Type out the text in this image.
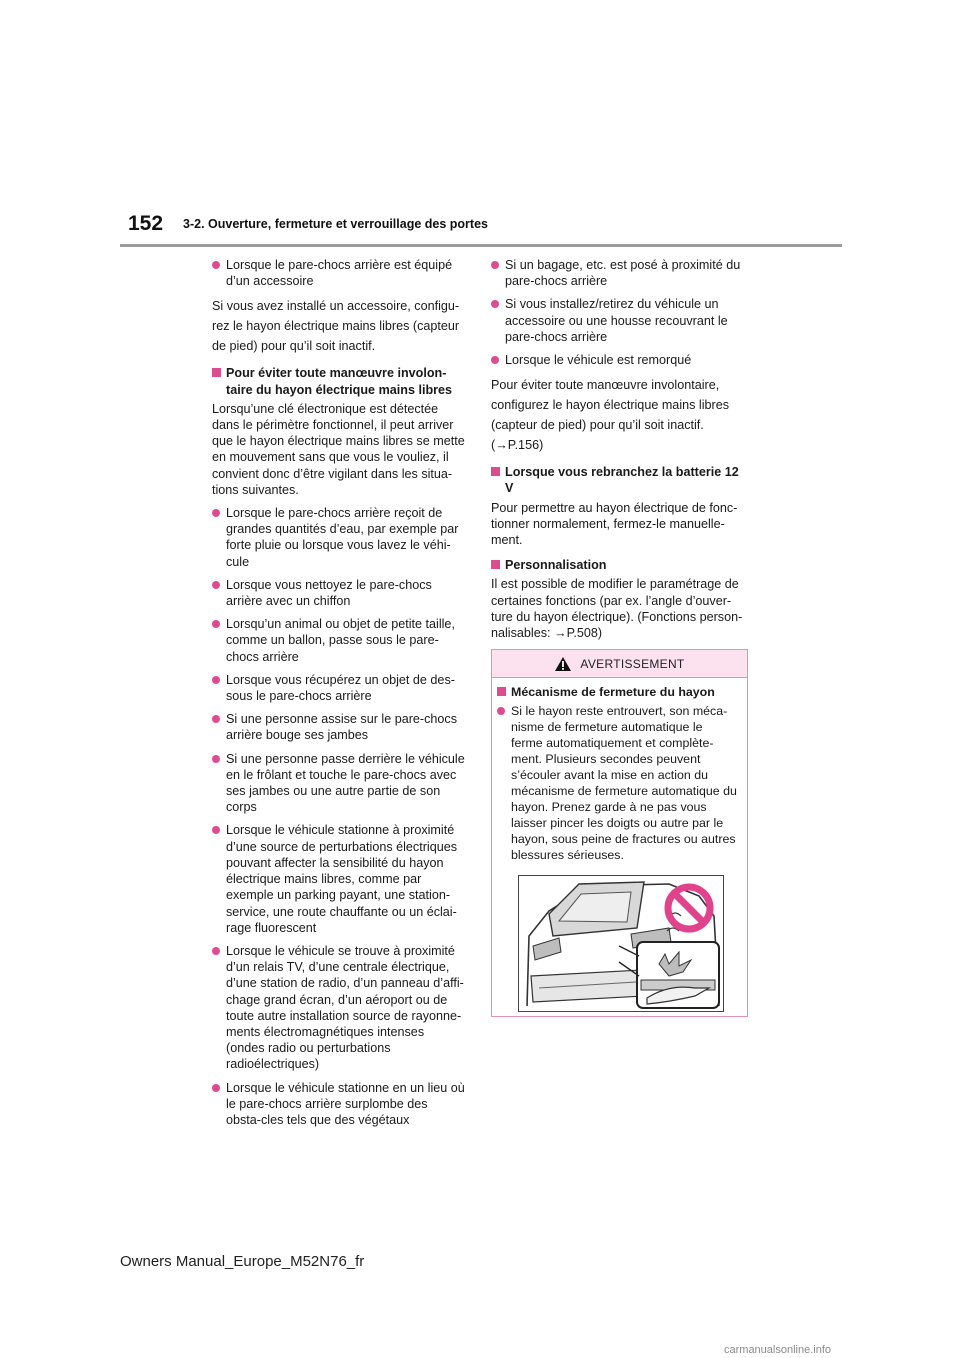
152 3-2. Ouverture, fermeture et verrouillage des portes
Lorsque le pare-chocs arrière est équipé d’un accessoire
Si vous avez installé un accessoire, configu-
rez le hayon électrique mains libres (capteur
de pied) pour qu’il soit inactif.
Pour éviter toute manœuvre involon-taire du hayon électrique mains libres
Lorsqu’une clé électronique est détectée dans le périmètre fonctionnel, il peut arriver que le hayon électrique mains libres se mette en mouvement sans que vous le vouliez, il convient donc d’être vigilant dans les situa-tions suivantes.
Lorsque le pare-chocs arrière reçoit de grandes quantités d’eau, par exemple par forte pluie ou lorsque vous lavez le véhi-cule
Lorsque vous nettoyez le pare-chocs arrière avec un chiffon
Lorsqu’un animal ou objet de petite taille, comme un ballon, passe sous le pare-chocs arrière
Lorsque vous récupérez un objet de des-sous le pare-chocs arrière
Si une personne assise sur le pare-chocs arrière bouge ses jambes
Si une personne passe derrière le véhicule en le frôlant et touche le pare-chocs avec ses jambes ou une autre partie de son corps
Lorsque le véhicule stationne à proximité d’une source de perturbations électriques pouvant affecter la sensibilité du hayon électrique mains libres, comme par exemple un parking payant, une station-service, une route chauffante ou un éclai-rage fluorescent
Lorsque le véhicule se trouve à proximité d’un relais TV, d’une centrale électrique, d’une station de radio, d’un panneau d’affi-chage grand écran, d’un aéroport ou de toute autre installation source de rayonne-ments électromagnétiques intenses (ondes radio ou perturbations radioélectriques)
Lorsque le véhicule stationne en un lieu où le pare-chocs arrière surplombe des obsta-cles tels que des végétaux
Si un bagage, etc. est posé à proximité du pare-chocs arrière
Si vous installez/retirez du véhicule un accessoire ou une housse recouvrant le pare-chocs arrière
Lorsque le véhicule est remorqué
Pour éviter toute manœuvre involontaire,
configurez le hayon électrique mains libres
(capteur de pied) pour qu’il soit inactif.
(→P.156)
Lorsque vous rebranchez la batterie 12 V
Pour permettre au hayon électrique de fonc-tionner normalement, fermez-le manuelle-ment.
Personnalisation
Il est possible de modifier le paramétrage de certaines fonctions (par ex. l’angle d’ouver-ture du hayon électrique). (Fonctions person-nalisables: →P.508)
AVERTISSEMENT
Mécanisme de fermeture du hayon
Si le hayon reste entrouvert, son méca-nisme de fermeture automatique le ferme automatiquement et complète-ment. Plusieurs secondes peuvent s’écouler avant la mise en action du mécanisme de fermeture automatique du hayon. Prenez garde à ne pas vous laisser pincer les doigts ou autre par le hayon, sous peine de fractures ou autres blessures sérieuses.
Owners Manual_Europe_M52N76_fr
carmanualsonline.info
